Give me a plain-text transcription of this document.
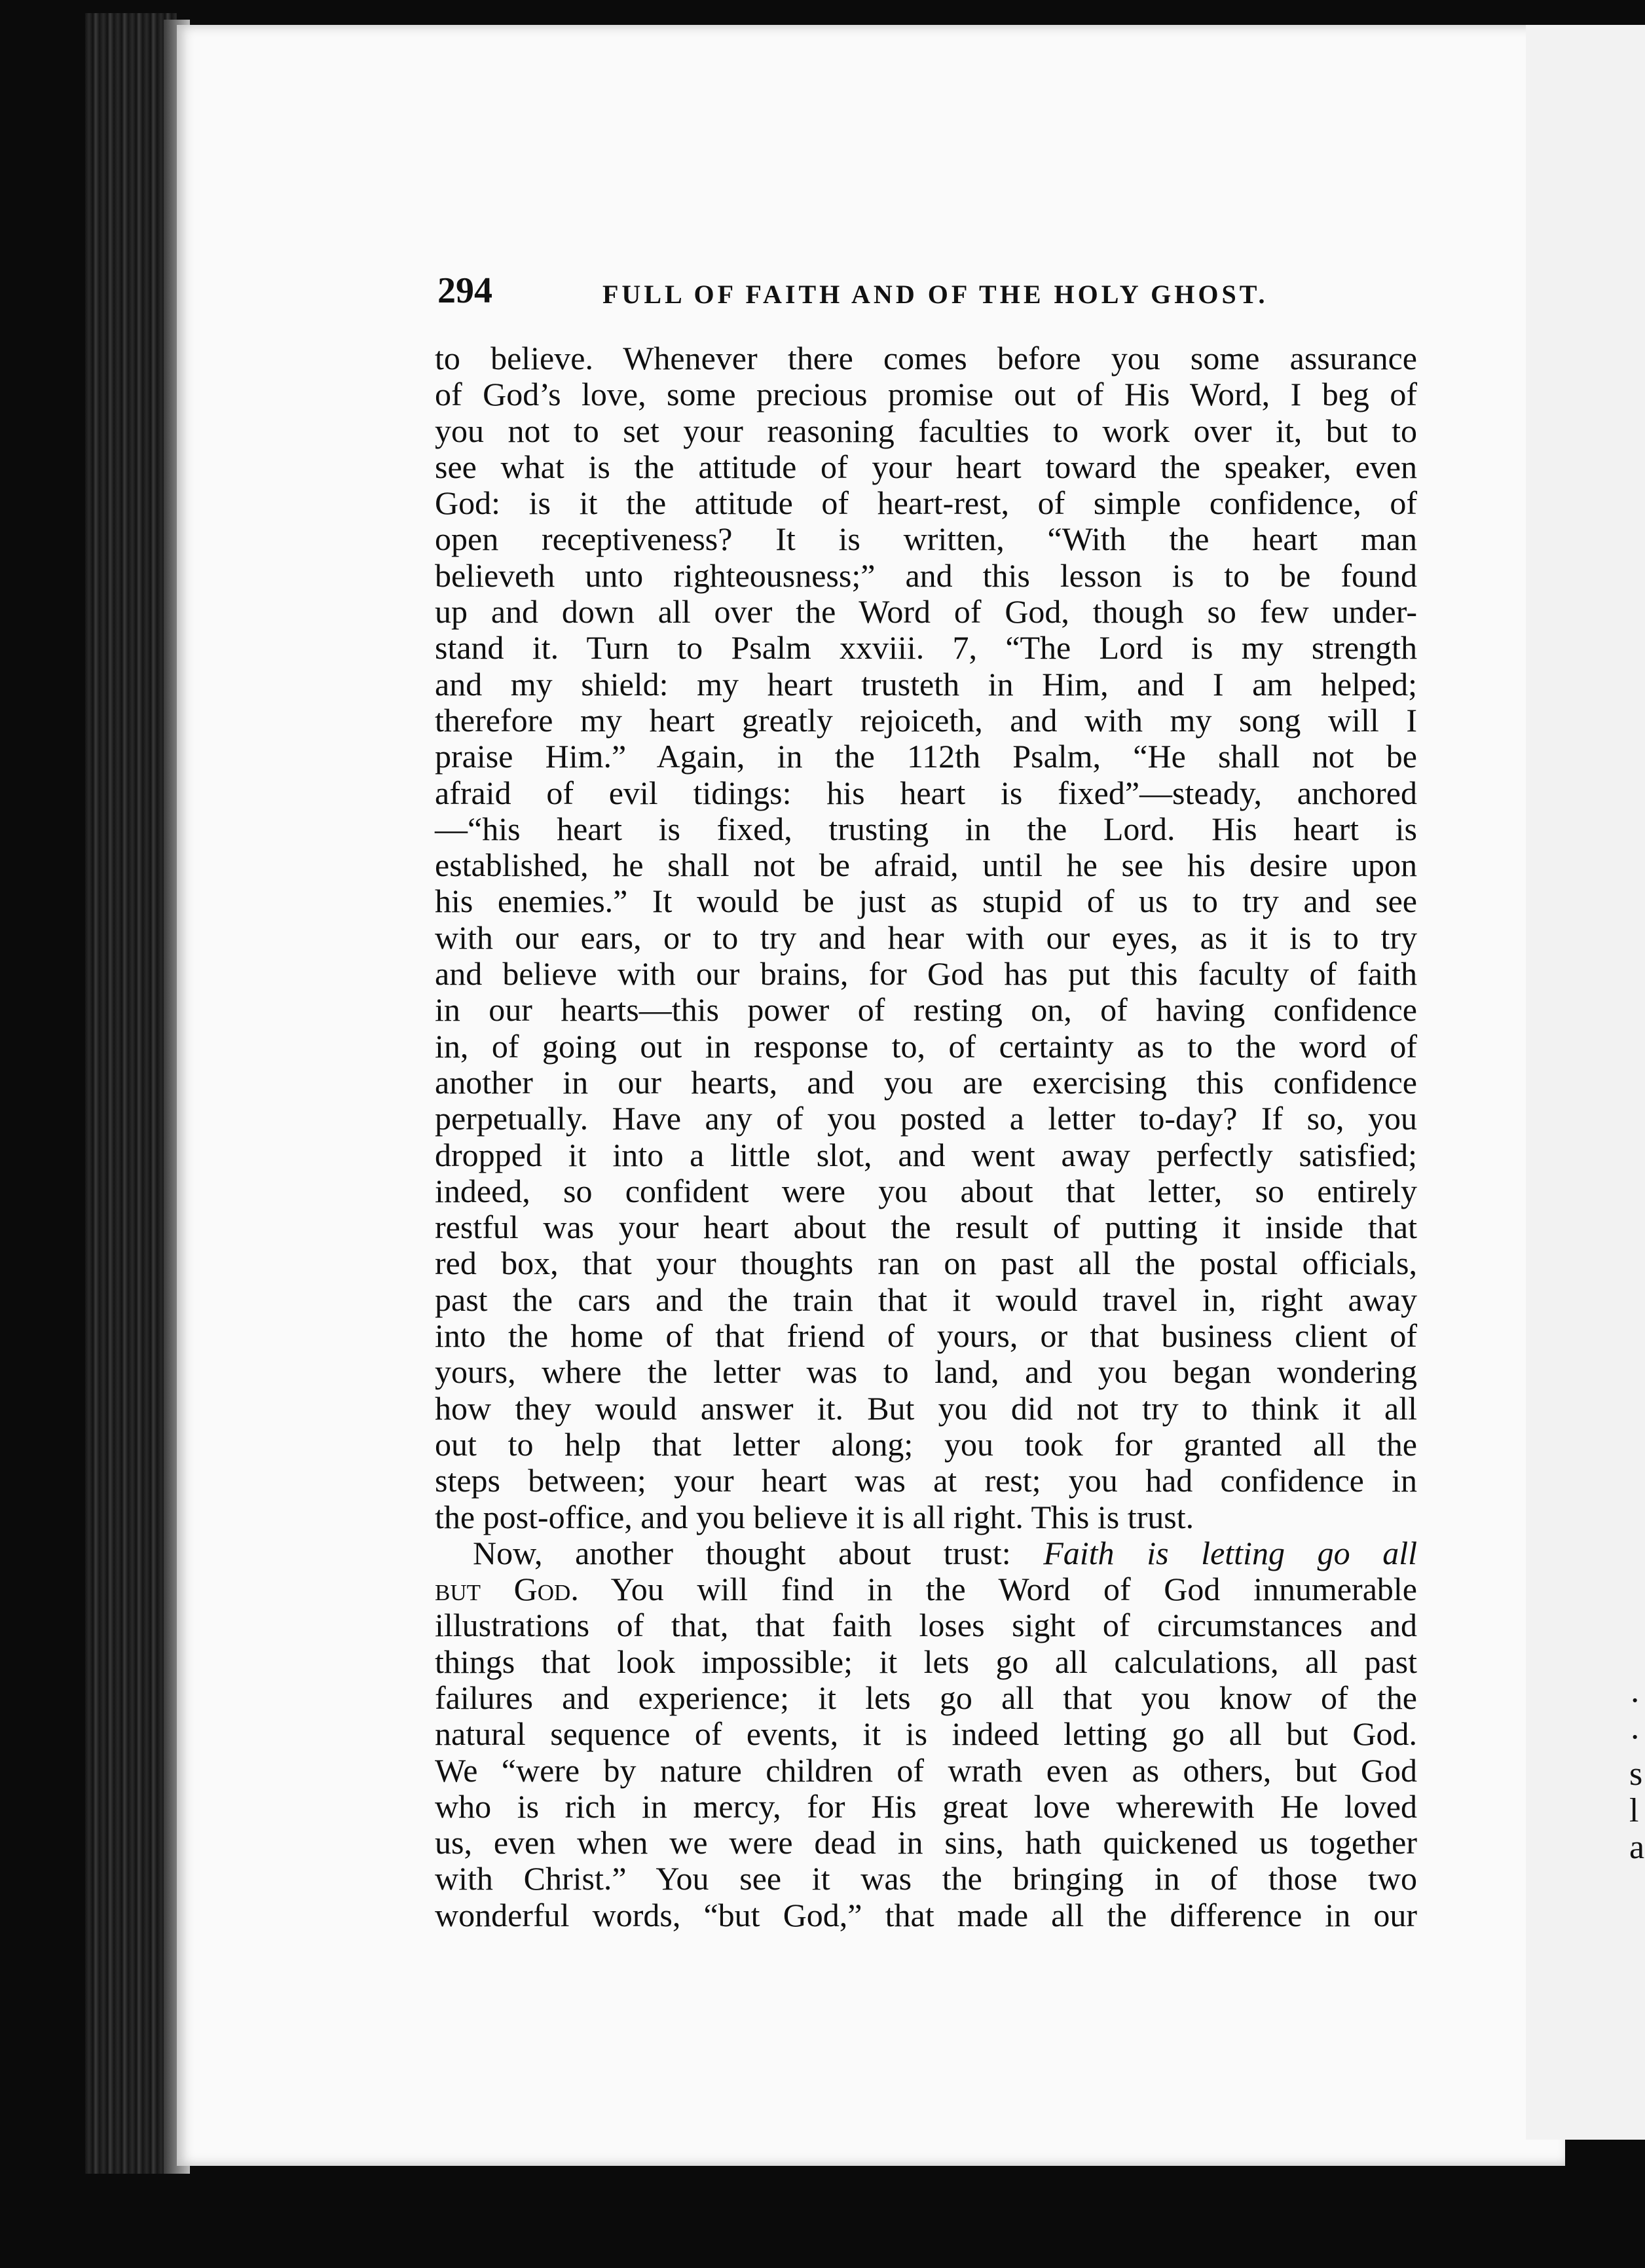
·
·
s
l
a
294	FULL OF FAITH AND OF THE HOLY GHOST.
to believe. Whenever there comes before you some assurance
of God’s love, some precious promise out of His Word, I beg of
you not to set your reasoning faculties to work over it, but to
see what is the attitude of your heart toward the speaker, even
God: is it the attitude of heart-rest, of simple confidence, of
open receptiveness? It is written, “With the heart man
believeth unto righteousness;” and this lesson is to be found
up and down all over the Word of God, though so few under-
stand it. Turn to Psalm xxviii. 7, “The Lord is my strength
and my shield: my heart trusteth in Him, and I am helped;
therefore my heart greatly rejoiceth, and with my song will I
praise Him.” Again, in the 112th Psalm, “He shall not be
afraid of evil tidings: his heart is fixed”—steady, anchored
—“his heart is fixed, trusting in the Lord. His heart is
established, he shall not be afraid, until he see his desire upon
his enemies.” It would be just as stupid of us to try and see
with our ears, or to try and hear with our eyes, as it is to try
and believe with our brains, for God has put this faculty of faith
in our hearts—this power of resting on, of having confidence
in, of going out in response to, of certainty as to the word of
another in our hearts, and you are exercising this confidence
perpetually. Have any of you posted a letter to-day? If so, you
dropped it into a little slot, and went away perfectly satisfied;
indeed, so confident were you about that letter, so entirely
restful was your heart about the result of putting it inside that
red box, that your thoughts ran on past all the postal officials,
past the cars and the train that it would travel in, right away
into the home of that friend of yours, or that business client of
yours, where the letter was to land, and you began wondering
how they would answer it. But you did not try to think it all
out to help that letter along; you took for granted all the
steps between; your heart was at rest; you had confidence in
the post-office, and you believe it is all right. This is trust.
Now, another thought about trust: Faith is letting go all
but God. You will find in the Word of God innumerable
illustrations of that, that faith loses sight of circumstances and
things that look impossible; it lets go all calculations, all past
failures and experience; it lets go all that you know of the
natural sequence of events, it is indeed letting go all but God.
We “were by nature children of wrath even as others, but God
who is rich in mercy, for His great love wherewith He loved
us, even when we were dead in sins, hath quickened us together
with Christ.” You see it was the bringing in of those two
wonderful words, “but God,” that made all the difference in our
